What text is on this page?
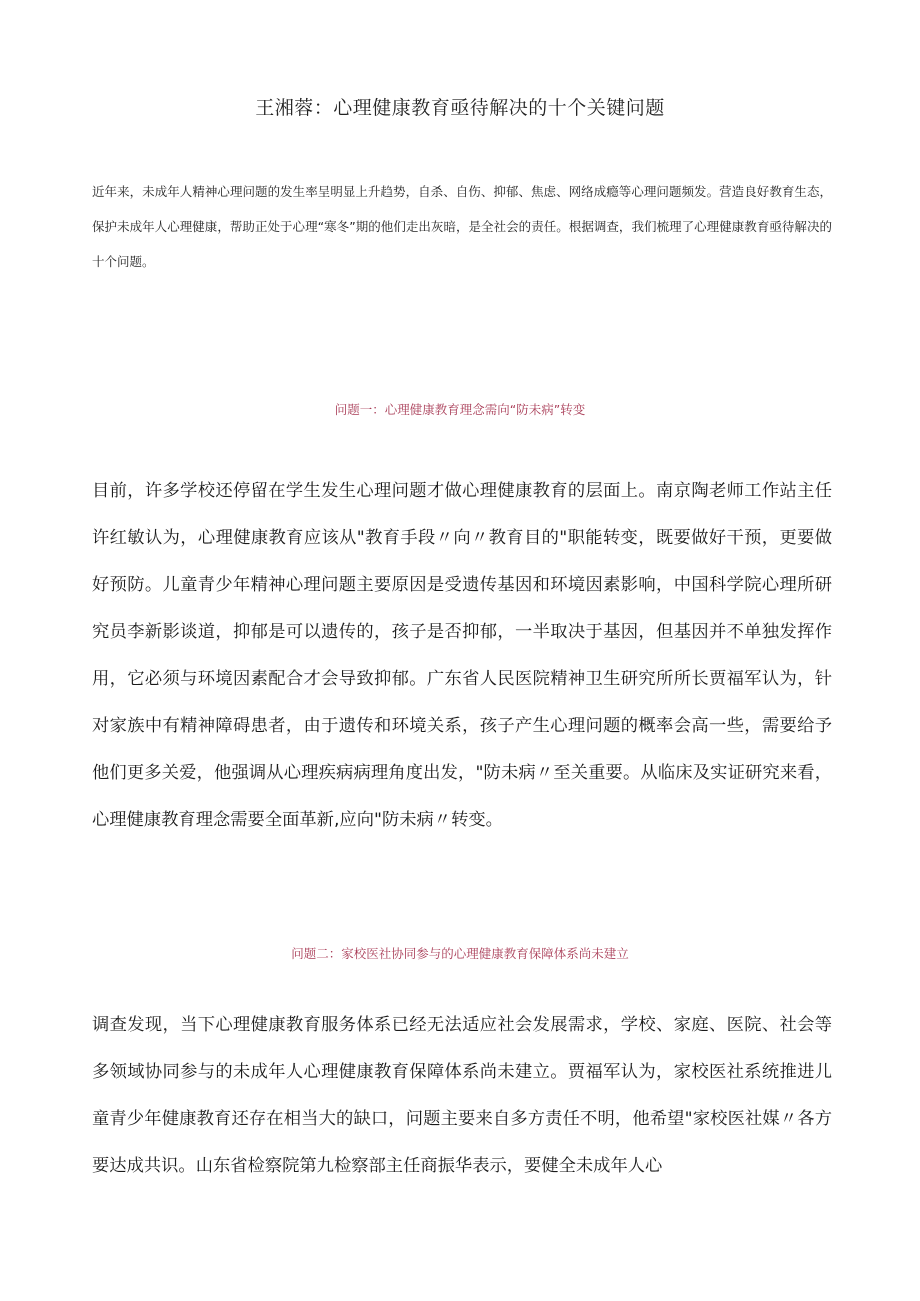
王湘蓉：心理健康教育亟待解决的十个关键问题

近年来，未成年人精神心理问题的发生率呈明显上升趋势，自杀、自伤、抑郁、焦虑、网络成瘾等心理问题频发。营造良好教育生态，保护未成年人心理健康，帮助正处于心理“寒冬”期的他们走出灰暗，是全社会的责任。根据调查，我们梳理了心理健康教育亟待解决的十个问题。

问题一：心理健康教育理念需向“防未病”转变

目前，许多学校还停留在学生发生心理问题才做心理健康教育的层面上。南京陶老师工作站主任许红敏认为，心理健康教育应该从"教育手段〃向〃教育目的"职能转变，既要做好干预，更要做好预防。儿童青少年精神心理问题主要原因是受遗传基因和环境因素影响，中国科学院心理所研究员李新影谈道，抑郁是可以遗传的，孩子是否抑郁，一半取决于基因，但基因并不单独发挥作用，它必须与环境因素配合才会导致抑郁。广东省人民医院精神卫生研究所所长贾福军认为，针对家族中有精神障碍患者，由于遗传和环境关系，孩子产生心理问题的概率会高一些，需要给予他们更多关爱，他强调从心理疾病病理角度出发，"防未病〃至关重要。从临床及实证研究来看，心理健康教育理念需要全面革新,应向"防未病〃转变。

问题二：家校医社协同参与的心理健康教育保障体系尚未建立

调查发现，当下心理健康教育服务体系已经无法适应社会发展需求，学校、家庭、医院、社会等多领域协同参与的未成年人心理健康教育保障体系尚未建立。贾福军认为，家校医社系统推进儿童青少年健康教育还存在相当大的缺口，问题主要来自多方责任不明，他希望"家校医社媒〃各方要达成共识。山东省检察院第九检察部主任商振华表示，要健全未成年人心
